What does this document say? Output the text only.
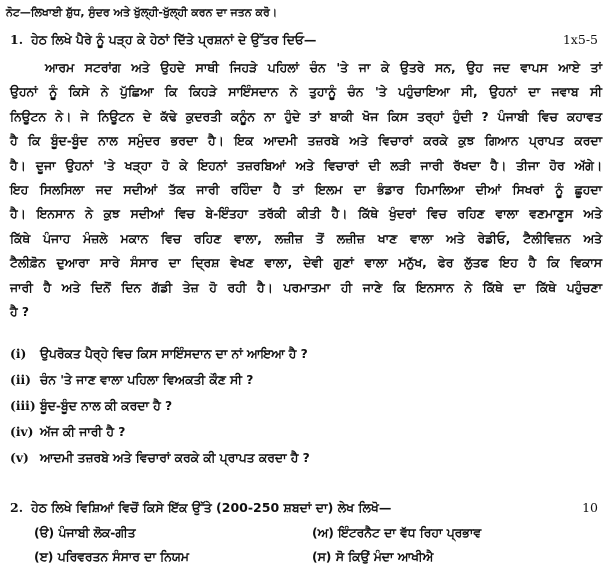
ਨੋਟ—ਲਿਖਾਈ ਸ਼ੁੱਧ, ਸੁੰਦਰ ਅਤੇ ਖੁੱਲ੍ਹੀ-ਖੁੱਲ੍ਹੀ ਕਰਨ ਦਾ ਜਤਨ ਕਰੋ।
1. ਹੇਠ ਲਿਖੇ ਪੈਰੇ ਨੂੰ ਪੜ੍ਹ ਕੇ ਹੇਠਾਂ ਦਿੱਤੇ ਪ੍ਰਸ਼ਨਾਂ ਦੇ ਉੱਤਰ ਦਿਓ—	1x5-5
ਆਰਮ ਸਟਰਾਂਗ ਅਤੇ ਉਹਦੇ ਸਾਥੀ ਜਿਹੜੇ ਪਹਿਲਾਂ ਚੰਨ 'ਤੇ ਜਾ ਕੇ ਉਤਰੇ ਸਨ, ਉਹ ਜਦ ਵਾਪਸ ਆਏ ਤਾਂ
ਉਹਨਾਂ ਨੂੰ ਕਿਸੇ ਨੇ ਪੁੱਛਿਆ ਕਿ ਕਿਹੜੇ ਸਾਇੰਸਦਾਨ ਨੇ ਤੁਹਾਨੂੰ ਚੰਨ 'ਤੇ ਪਹੁੰਚਾਇਆ ਸੀ, ਉਹਨਾਂ ਦਾ ਜਵਾਬ ਸੀ
ਨਿਊਟਨ ਨੇ। ਜੇ ਨਿਊਟਨ ਦੇ ਕੱਢੇ ਕੁਦਰਤੀ ਕਨੂੰਨ ਨਾ ਹੁੰਦੇ ਤਾਂ ਬਾਕੀ ਖੋਜ ਕਿਸ ਤਰ੍ਹਾਂ ਹੁੰਦੀ ? ਪੰਜਾਬੀ ਵਿਚ ਕਹਾਵਤ
ਹੈ ਕਿ ਬੂੰਦ-ਬੂੰਦ ਨਾਲ ਸਮੁੰਦਰ ਭਰਦਾ ਹੈ। ਇਕ ਆਦਮੀ ਤਜ਼ਰਬੇ ਅਤੇ ਵਿਚਾਰਾਂ ਕਰਕੇ ਕੁਝ ਗਿਆਨ ਪ੍ਰਾਪਤ ਕਰਦਾ
ਹੈ। ਦੂਜਾ ਉਹਨਾਂ 'ਤੇ ਖੜ੍ਹਾ ਹੋ ਕੇ ਇਹਨਾਂ ਤਜ਼ਰਬਿਆਂ ਅਤੇ ਵਿਚਾਰਾਂ ਦੀ ਲੜੀ ਜਾਰੀ ਰੱਖਦਾ ਹੈ। ਤੀਜਾ ਹੋਰ ਅੱਗੇ।
ਇਹ ਸਿਲਸਿਲਾ ਜਦ ਸਦੀਆਂ ਤੱਕ ਜਾਰੀ ਰਹਿੰਦਾ ਹੈ ਤਾਂ ਇਲਮ ਦਾ ਭੰਡਾਰ ਹਿਮਾਲਿਆ ਦੀਆਂ ਸਿਖਰਾਂ ਨੂੰ ਛੂਹਦਾ
ਹੈ। ਇਨਸਾਨ ਨੇ ਕੁਝ ਸਦੀਆਂ ਵਿਚ ਬੇ-ਇੰਤਹਾ ਤਰੱਕੀ ਕੀਤੀ ਹੈ। ਕਿੱਥੇ ਖੁੰਦਰਾਂ ਵਿਚ ਰਹਿਣ ਵਾਲਾ ਵਣਮਾਣੂਸ ਅਤੇ
ਕਿੱਥੇ ਪੰਜਾਹ ਮੰਜ਼ਲੇ ਮਕਾਨ ਵਿਚ ਰਹਿਣ ਵਾਲਾ, ਲਜ਼ੀਜ਼ ਤੋਂ ਲਜ਼ੀਜ਼ ਖਾਣ ਵਾਲਾ ਅਤੇ ਰੇਡੀਓ, ਟੈਲੀਵਿਜ਼ਨ ਅਤੇ
ਟੈਲੀਫ਼ੋਨ ਦੁਆਰਾ ਸਾਰੇ ਸੰਸਾਰ ਦਾ ਦ੍ਰਿਸ਼ ਵੇਖਣ ਵਾਲਾ, ਦੇਵੀ ਗੁਣਾਂ ਵਾਲਾ ਮਨੁੱਖ, ਫੇਰ ਲੁੱਤਫ ਇਹ ਹੈ ਕਿ ਵਿਕਾਸ
ਜਾਰੀ ਹੈ ਅਤੇ ਦਿਨੋਂ ਦਿਨ ਗੱਡੀ ਤੇਜ਼ ਹੋ ਰਹੀ ਹੈ। ਪਰਮਾਤਮਾ ਹੀ ਜਾਣੇ ਕਿ ਇਨਸਾਨ ਨੇ ਕਿੱਥੇ ਦਾ ਕਿੱਥੇ ਪਹੁੰਚਣਾ
ਹੈ ?
(i) ਉਪਰੋਕਤ ਪੈਰ੍ਹੇ ਵਿਚ ਕਿਸ ਸਾਇੰਸਦਾਨ ਦਾ ਨਾਂ ਆਇਆ ਹੈ ?
(ii) ਚੰਨ 'ਤੇ ਜਾਣ ਵਾਲਾ ਪਹਿਲਾ ਵਿਅਕਤੀ ਕੌਣ ਸੀ ?
(iii) ਬੂੰਦ-ਬੂੰਦ ਨਾਲ ਕੀ ਕਰਦਾ ਹੈ ?
(iv) ਅੱਜ ਕੀ ਜਾਰੀ ਹੈ ?
(v) ਆਦਮੀ ਤਜ਼ਰਬੇ ਅਤੇ ਵਿਚਾਰਾਂ ਕਰਕੇ ਕੀ ਪ੍ਰਾਪਤ ਕਰਦਾ ਹੈ ?
2. ਹੇਠ ਲਿਖੇ ਵਿਸ਼ਿਆਂ ਵਿਚੋਂ ਕਿਸੇ ਇੱਕ ਉੱਤੇ (200-250 ਸ਼ਬਦਾਂ ਦਾ) ਲੇਖ ਲਿਖੋ—	10
(ੳ) ਪੰਜਾਬੀ ਲੋਕ-ਗੀਤ	(ਅ) ਇੰਟਰਨੈਟ ਦਾ ਵੱਧ ਰਿਹਾ ਪ੍ਰਭਾਵ
(ੲ) ਪਰਿਵਰਤਨ ਸੰਸਾਰ ਦਾ ਨਿਯਮ	(ਸ) ਸੋ ਕਿਉਂ ਮੰਦਾ ਆਖੀਐ
